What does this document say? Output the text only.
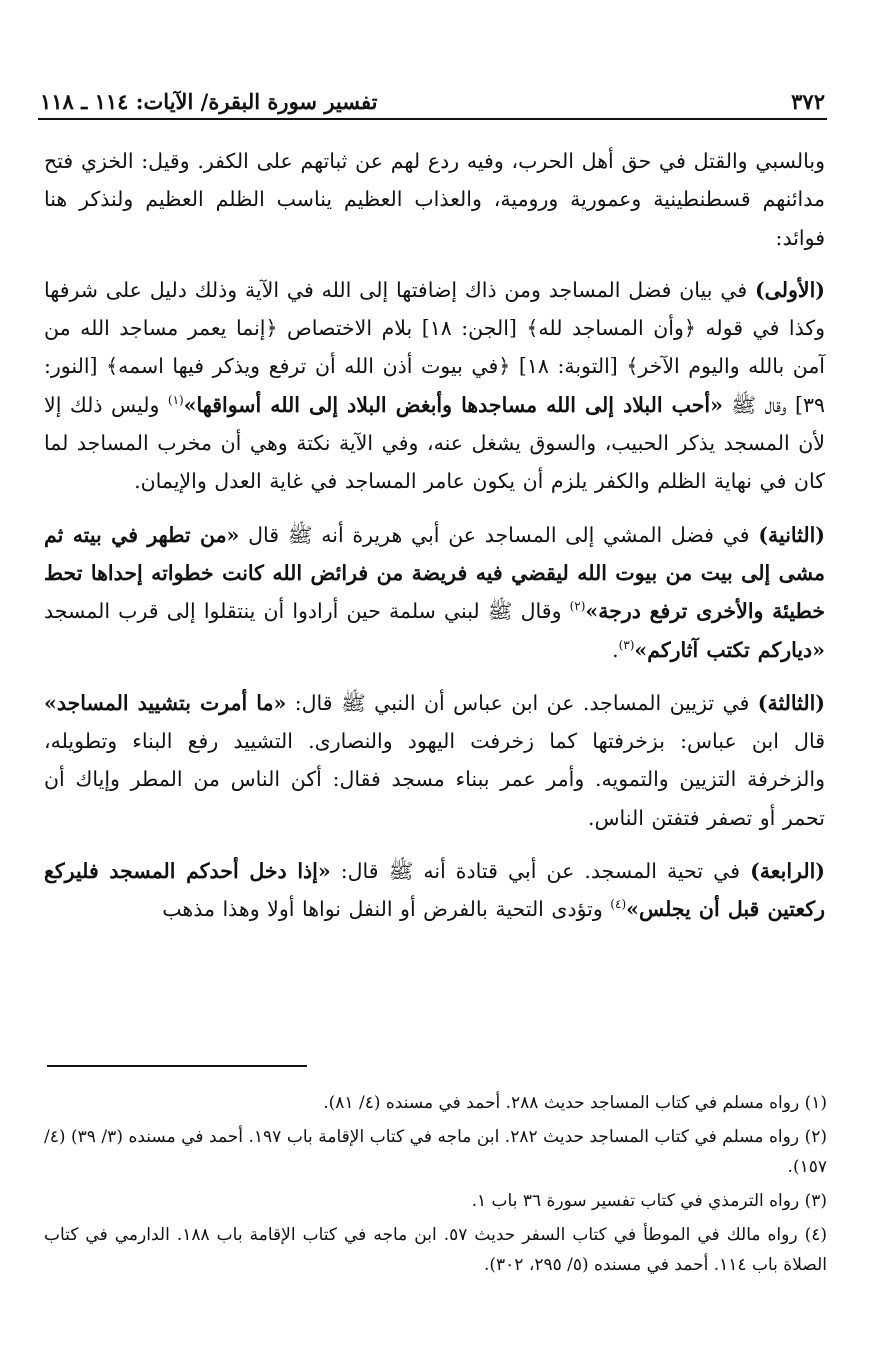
٣٧٢
تفسير سورة البقرة/ الآيات: ١١٤ ـ ١١٨

وبالسبي والقتل في حق أهل الحرب، وفيه ردع لهم عن ثباتهم على الكفر. وقيل: الخزي فتح مدائنهم قسطنطينية وعمورية ورومية، والعذاب العظيم يناسب الظلم العظيم ولنذكر هنا فوائد:

(الأولى) في بيان فضل المساجد ومن ذاك إضافتها إلى الله في الآية وذلك دليل على شرفها وكذا في قوله ﴿وأن المساجد لله﴾ [الجن: ١٨] بلام الاختصاص ﴿إنما يعمر مساجد الله من آمن بالله واليوم الآخر﴾ [التوبة: ١٨] ﴿في بيوت أذن الله أن ترفع ويذكر فيها اسمه﴾ [النور: ٣٩] وقال ﷺ «أحب البلاد إلى الله مساجدها وأبغض البلاد إلى الله أسواقها»$^{(١)}$ وليس ذلك إلا لأن المسجد يذكر الحبيب، والسوق يشغل عنه، وفي الآية نكتة وهي أن مخرب المساجد لما كان في نهاية الظلم والكفر يلزم أن يكون عامر المساجد في غاية العدل والإيمان.

(الثانية) في فضل المشي إلى المساجد عن أبي هريرة أنه ﷺ قال «من تطهر في بيته ثم مشى إلى بيت من بيوت الله ليقضي فيه فريضة من فرائض الله كانت خطواته إحداها تحط خطيئة والأخرى ترفع درجة»$^{(٢)}$ وقال ﷺ لبني سلمة حين أرادوا أن ينتقلوا إلى قرب المسجد «دياركم تكتب آثاركم»$^{(٣)}$.

(الثالثة) في تزيين المساجد. عن ابن عباس أن النبي ﷺ قال: «ما أمرت بتشييد المساجد» قال ابن عباس: بزخرفتها كما زخرفت اليهود والنصارى. التشييد رفع البناء وتطويله، والزخرفة التزيين والتمويه. وأمر عمر ببناء مسجد فقال: أكن الناس من المطر وإياك أن تحمر أو تصفر فتفتن الناس.

(الرابعة) في تحية المسجد. عن أبي قتادة أنه ﷺ قال: «إذا دخل أحدكم المسجد فليركع ركعتين قبل أن يجلس»$^{(٤)}$ وتؤدى التحية بالفرض أو النفل نواها أولا وهذا مذهب

(١) رواه مسلم في كتاب المساجد حديث ٢٨٨. أحمد في مسنده (٤/ ٨١).

(٢) رواه مسلم في كتاب المساجد حديث ٢٨٢. ابن ماجه في كتاب الإقامة باب ١٩٧. أحمد في مسنده (٣/ ٣٩) (٤/ ١٥٧).

(٣) رواه الترمذي في كتاب تفسير سورة ٣٦ باب ١.

(٤) رواه مالك في الموطأ في كتاب السفر حديث ٥٧. ابن ماجه في كتاب الإقامة باب ١٨٨. الدارمي في كتاب الصلاة باب ١١٤. أحمد في مسنده (٥/ ٢٩٥، ٣٠٢).
